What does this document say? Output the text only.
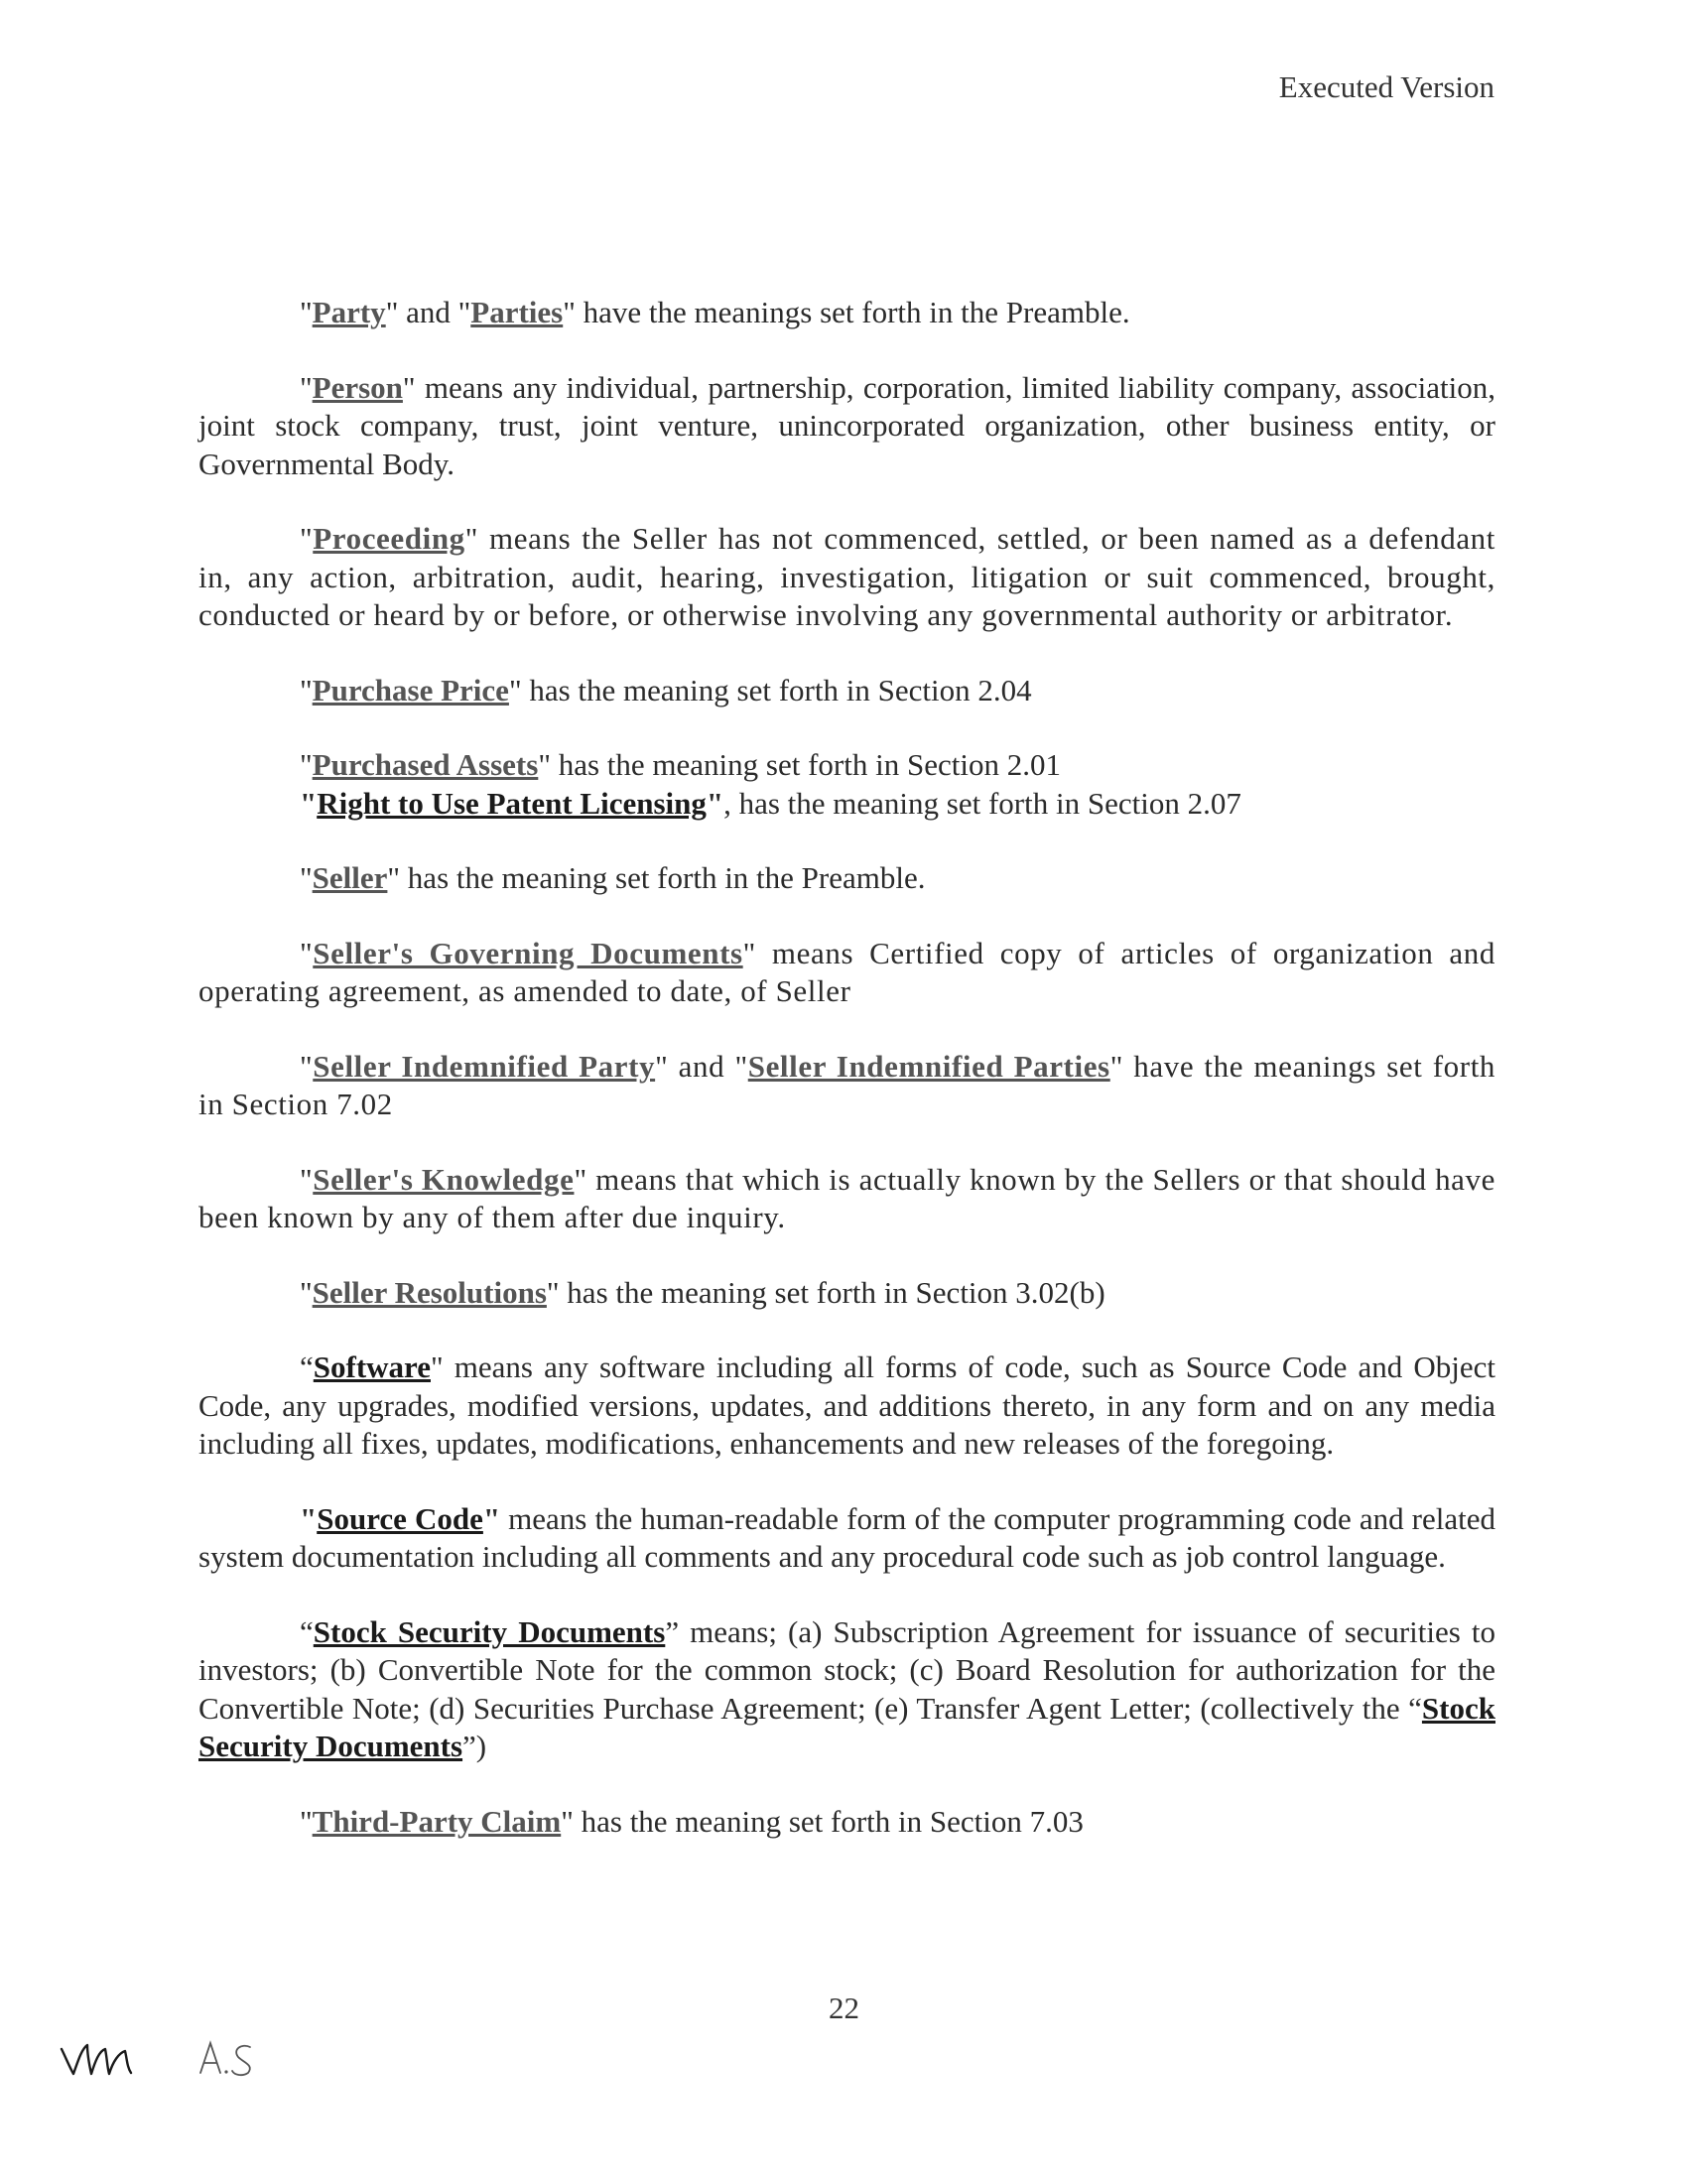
Executed Version

"Party" and "Parties" have the meanings set forth in the Preamble.

"Person" means any individual, partnership, corporation, limited liability company, association, joint stock company, trust, joint venture, unincorporated organization, other business entity, or Governmental Body.

"Proceeding" means the Seller has not commenced, settled, or been named as a defendant in, any action, arbitration, audit, hearing, investigation, litigation or suit commenced, brought, conducted or heard by or before, or otherwise involving any governmental authority or arbitrator.

"Purchase Price" has the meaning set forth in Section 2.04

"Purchased Assets" has the meaning set forth in Section 2.01

"Right to Use Patent Licensing", has the meaning set forth in Section 2.07

"Seller" has the meaning set forth in the Preamble.

"Seller's Governing Documents" means Certified copy of articles of organization and operating agreement, as amended to date, of Seller

"Seller Indemnified Party" and "Seller Indemnified Parties" have the meanings set forth in Section 7.02

"Seller's Knowledge" means that which is actually known by the Sellers or that should have been known by any of them after due inquiry.

"Seller Resolutions" has the meaning set forth in Section 3.02(b)

“Software" means any software including all forms of code, such as Source Code and Object Code, any upgrades, modified versions, updates, and additions thereto, in any form and on any media including all fixes, updates, modifications, enhancements and new releases of the foregoing.

"Source Code" means the human-readable form of the computer programming code and related system documentation including all comments and any procedural code such as job control language.

“Stock Security Documents” means; (a) Subscription Agreement for issuance of securities to investors; (b) Convertible Note for the common stock; (c) Board Resolution for authorization for the Convertible Note; (d) Securities Purchase Agreement; (e) Transfer Agent Letter; (collectively the “Stock Security Documents”)

"Third-Party Claim" has the meaning set forth in Section 7.03

22
